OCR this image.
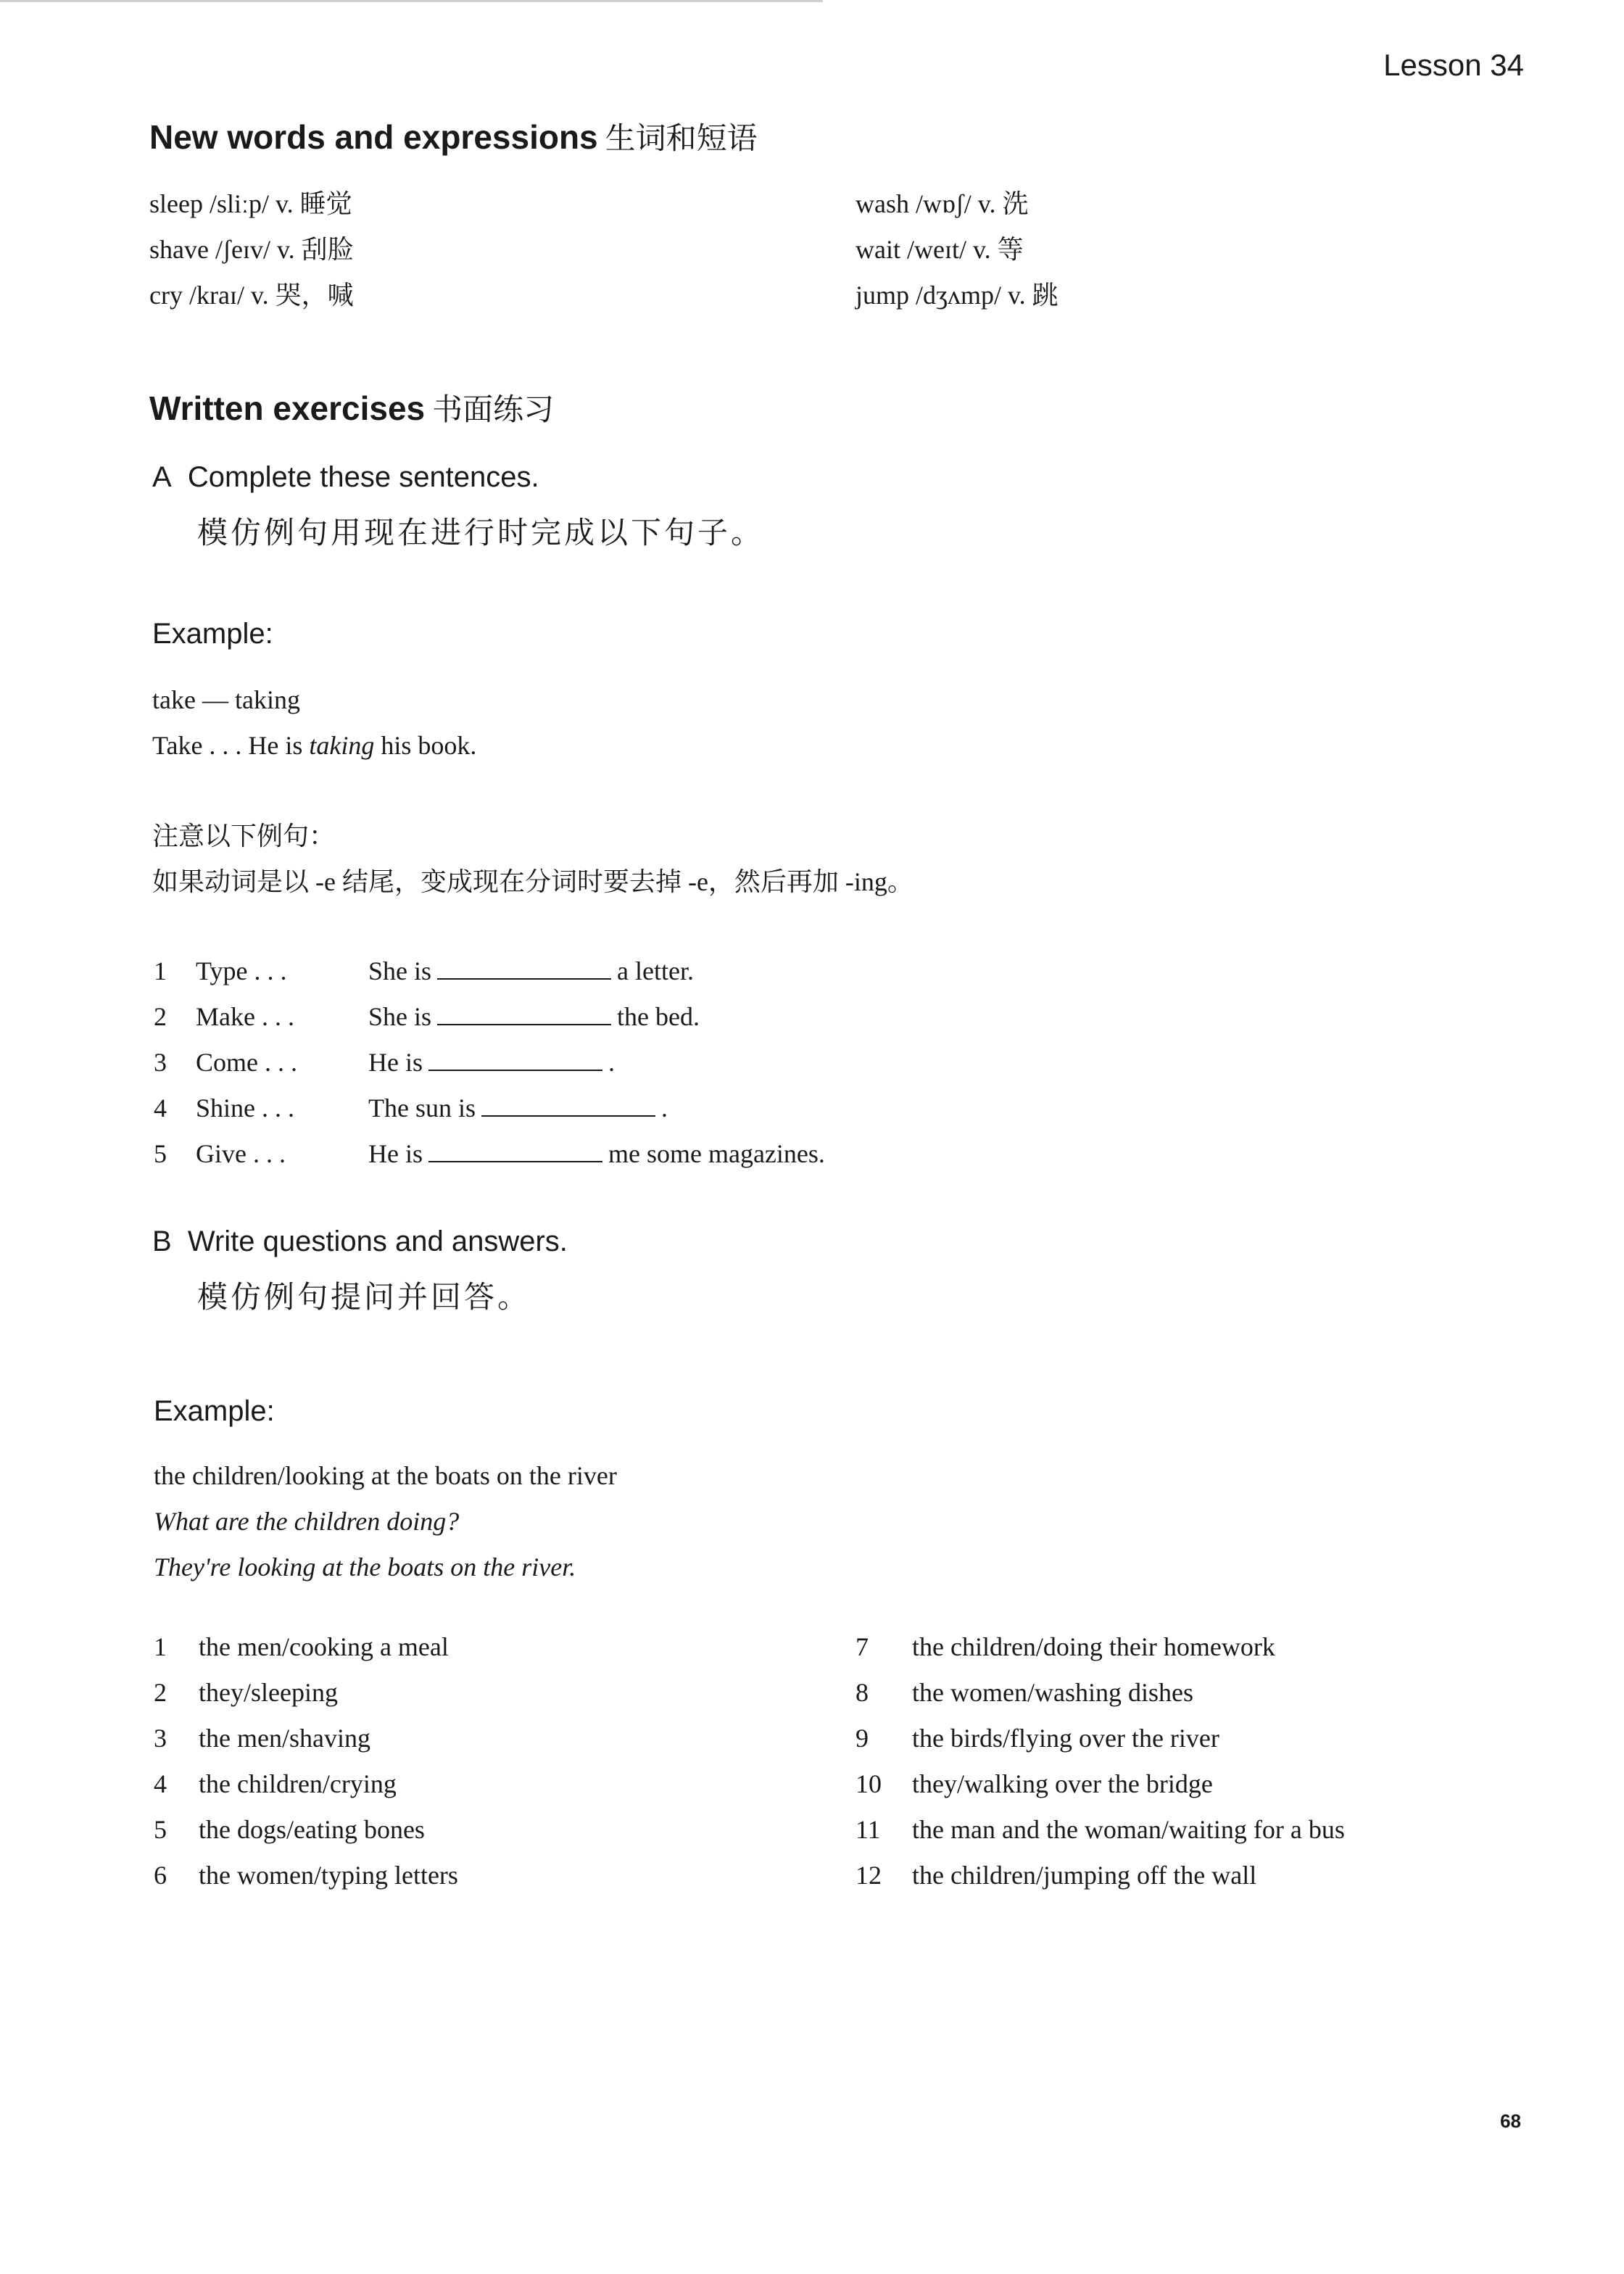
Lesson 34
New words and expressions 生词和短语
sleep /sliːp/ v. 睡觉
shave /ʃeɪv/ v. 刮脸
cry /kraɪ/ v. 哭，喊
wash /wɒʃ/ v. 洗
wait /weɪt/ v. 等
jump /dʒʌmp/ v. 跳
Written exercises 书面练习
A Complete these sentences.
模仿例句用现在进行时完成以下句子。
Example:
take — taking
Take . . . He is taking his book.
注意以下例句：
如果动词是以 -e 结尾，变成现在分词时要去掉 -e，然后再加 -ing。
1 Type . . .	She is	a letter.
2 Make . . .	She is	the bed.
3 Come . . .	He is	.
4 Shine . . .	The sun is	.
5 Give . . .	He is	me some magazines.
B Write questions and answers.
模仿例句提问并回答。
Example:
the children/looking at the boats on the river
What are the children doing?
They're looking at the boats on the river.
1 the men/cooking a meal
2 they/sleeping
3 the men/shaving
4 the children/crying
5 the dogs/eating bones
6 the women/typing letters
7 the children/doing their homework
8 the women/washing dishes
9 the birds/flying over the river
10 they/walking over the bridge
11 the man and the woman/waiting for a bus
12 the children/jumping off the wall
68
